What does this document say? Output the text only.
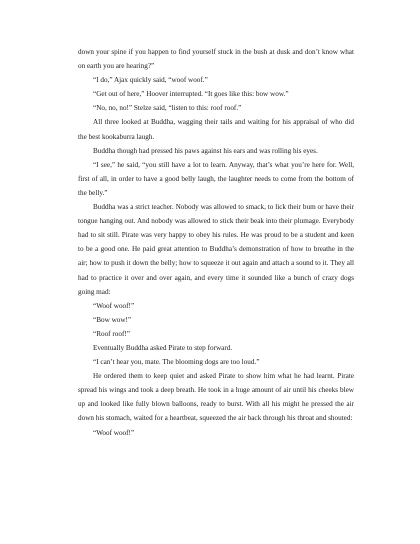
down your spine if you happen to find yourself stuck in the bush at dusk and don’t know what on earth you are hearing?”

“I do,” Ajax quickly said, “woof woof.”

“Get out of here,” Hoover interrupted. “It goes like this: bow wow.”

“No, no, no!” Stelze said, “listen to this: roof roof.”

All three looked at Buddha, wagging their tails and waiting for his appraisal of who did the best kookaburra laugh.

Buddha though had pressed his paws against his ears and was rolling his eyes.

“I see,” he said, “you still have a lot to learn. Anyway, that’s what you’re here for. Well, first of all, in order to have a good belly laugh, the laughter needs to come from the bottom of the belly.”

Buddha was a strict teacher. Nobody was allowed to smack, to lick their bum or have their tongue hanging out. And nobody was allowed to stick their beak into their plumage. Everybody had to sit still. Pirate was very happy to obey his rules. He was proud to be a student and keen to be a good one. He paid great attention to Buddha’s demonstration of how to breathe in the air; how to push it down the belly; how to squeeze it out again and attach a sound to it. They all had to practice it over and over again, and every time it sounded like a bunch of crazy dogs going mad:

“Woof woof!”

“Bow wow!”

“Roof roof!”

Eventually Buddha asked Pirate to step forward.

“I can’t hear you, mate. The blooming dogs are too loud.”

He ordered them to keep quiet and asked Pirate to show him what he had learnt. Pirate spread his wings and took a deep breath. He took in a huge amount of air until his cheeks blew up and looked like fully blown balloons, ready to burst. With all his might he pressed the air down his stomach, waited for a heartbeat, squeezed the air back through his throat and shouted:

“Woof woof!”
